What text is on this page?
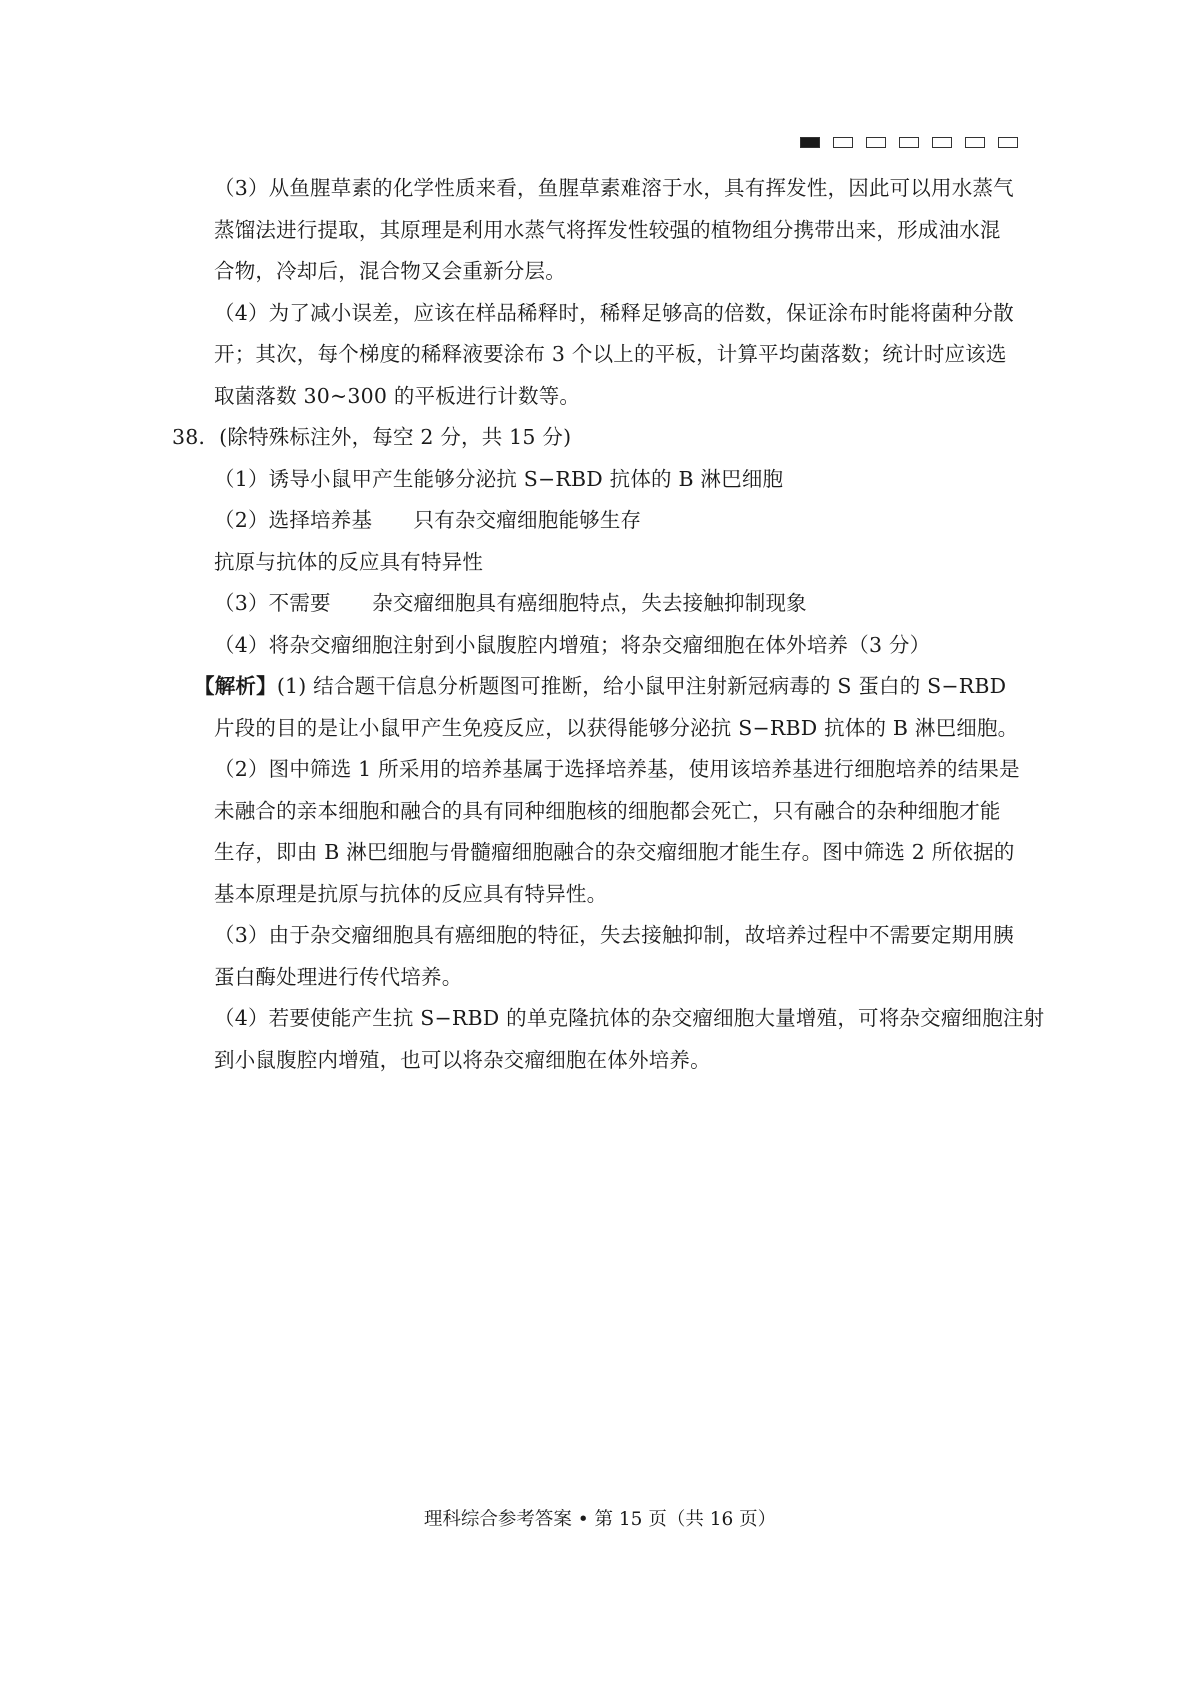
（3）从鱼腥草素的化学性质来看，鱼腥草素难溶于水，具有挥发性，因此可以用水蒸气
蒸馏法进行提取，其原理是利用水蒸气将挥发性较强的植物组分携带出来，形成油水混
合物，冷却后，混合物又会重新分层。
（4）为了减小误差，应该在样品稀释时，稀释足够高的倍数，保证涂布时能将菌种分散
开；其次，每个梯度的稀释液要涂布 3 个以上的平板，计算平均菌落数；统计时应该选
取菌落数 30~300 的平板进行计数等。
38．(除特殊标注外，每空 2 分，共 15 分)
（1）诱导小鼠甲产生能够分泌抗 S−RBD 抗体的 B 淋巴细胞
（2）选择培养基　　只有杂交瘤细胞能够生存
抗原与抗体的反应具有特异性
（3）不需要　　杂交瘤细胞具有癌细胞特点，失去接触抑制现象
（4）将杂交瘤细胞注射到小鼠腹腔内增殖；将杂交瘤细胞在体外培养（3 分）
【解析】(1) 结合题干信息分析题图可推断，给小鼠甲注射新冠病毒的 S 蛋白的 S−RBD
片段的目的是让小鼠甲产生免疫反应，以获得能够分泌抗 S−RBD 抗体的 B 淋巴细胞。
（2）图中筛选 1 所采用的培养基属于选择培养基，使用该培养基进行细胞培养的结果是
未融合的亲本细胞和融合的具有同种细胞核的细胞都会死亡，只有融合的杂种细胞才能
生存，即由 B 淋巴细胞与骨髓瘤细胞融合的杂交瘤细胞才能生存。图中筛选 2 所依据的
基本原理是抗原与抗体的反应具有特异性。
（3）由于杂交瘤细胞具有癌细胞的特征，失去接触抑制，故培养过程中不需要定期用胰
蛋白酶处理进行传代培养。
（4）若要使能产生抗 S−RBD 的单克隆抗体的杂交瘤细胞大量增殖，可将杂交瘤细胞注射
到小鼠腹腔内增殖，也可以将杂交瘤细胞在体外培养。
理科综合参考答案 • 第 15 页（共 16 页）
